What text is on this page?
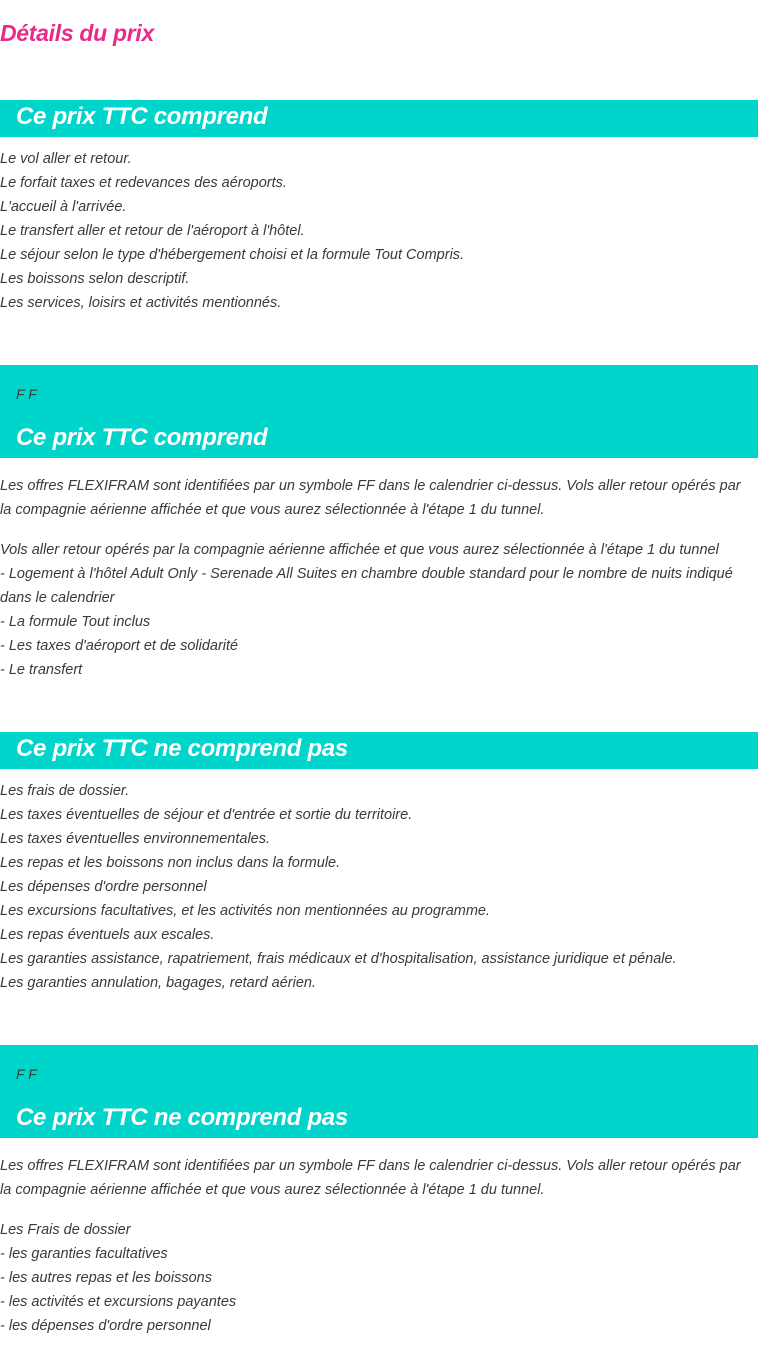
Détails du prix
Ce prix TTC comprend
Le vol aller et retour.
Le forfait taxes et redevances des aéroports.
L'accueil à l'arrivée.
Le transfert aller et retour de l'aéroport à l'hôtel.
Le séjour selon le type d'hébergement choisi et la formule Tout Compris.
Les boissons selon descriptif.
Les services, loisirs et activités mentionnés.
F F
Ce prix TTC comprend
Les offres FLEXIFRAM sont identifiées par un symbole FF dans le calendrier ci-dessus. Vols aller retour opérés par la compagnie aérienne affichée et que vous aurez sélectionnée à l'étape 1 du tunnel.
Vols aller retour opérés par la compagnie aérienne affichée et que vous aurez sélectionnée à l'étape 1 du tunnel
- Logement à l'hôtel Adult Only - Serenade All Suites en chambre double standard pour le nombre de nuits indiqué dans le calendrier
- La formule Tout inclus
- Les taxes d'aéroport et de solidarité
- Le transfert
Ce prix TTC ne comprend pas
Les frais de dossier.
Les taxes éventuelles de séjour et d'entrée et sortie du territoire.
Les taxes éventuelles environnementales.
Les repas et les boissons non inclus dans la formule.
Les dépenses d'ordre personnel
Les excursions facultatives, et les activités non mentionnées au programme.
Les repas éventuels aux escales.
Les garanties assistance, rapatriement, frais médicaux et d'hospitalisation, assistance juridique et pénale.
Les garanties annulation, bagages, retard aérien.
F F
Ce prix TTC ne comprend pas
Les offres FLEXIFRAM sont identifiées par un symbole FF dans le calendrier ci-dessus. Vols aller retour opérés par la compagnie aérienne affichée et que vous aurez sélectionnée à l'étape 1 du tunnel.
Les Frais de dossier
- les garanties facultatives
- les autres repas et les boissons
- les activités et excursions payantes
- les dépenses d'ordre personnel
